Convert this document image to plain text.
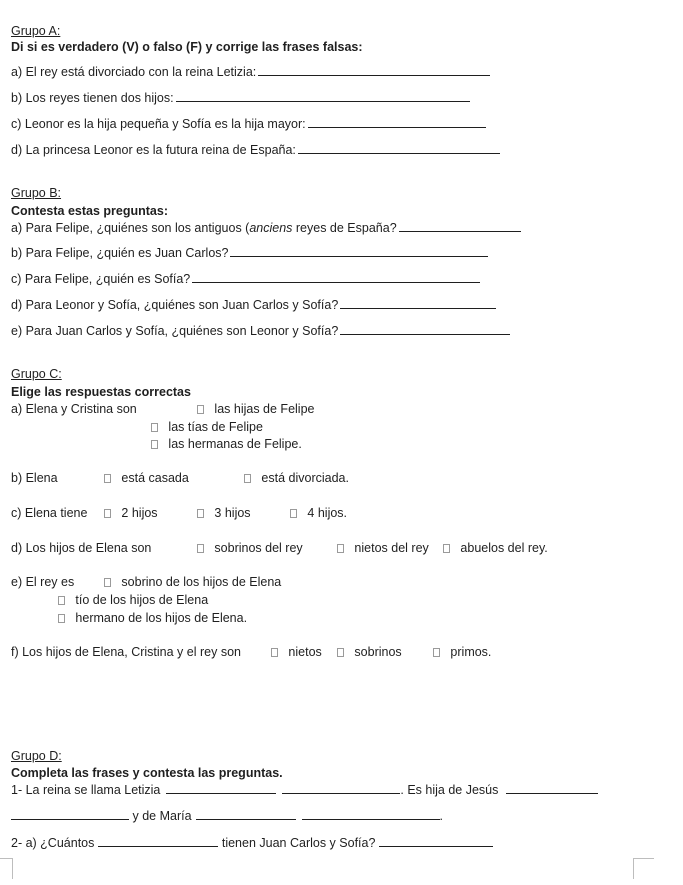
Grupo A:
Di si es verdadero (V) o falso (F) y corrige las frases falsas:
a) El rey está divorciado con la reina Letizia:
b) Los reyes tienen dos hijos:
c) Leonor es la hija pequeña y Sofía es la hija mayor:
d) La princesa Leonor es la futura reina de España:
Grupo B:
Contesta estas preguntas:
a) Para Felipe, ¿quiénes son los antiguos (anciens reyes de España?
b) Para Felipe, ¿quién es Juan Carlos?
c) Para Felipe, ¿quién es Sofía?
d) Para Leonor y Sofía, ¿quiénes son Juan Carlos y Sofía?
e) Para Juan Carlos y Sofía, ¿quiénes son Leonor y Sofía?
Grupo C:
Elige las respuestas correctas
a) Elena y Cristina son	las hijas de Felipe
las tías de Felipe
las hermanas de Felipe.
b) Elena	está casada	está divorciada.
c) Elena tiene	2 hijos	3 hijos	4 hijos.
d) Los hijos de Elena son	sobrinos del rey	nietos del rey	abuelos del rey.
e) El rey es	sobrino de los hijos de Elena
tío de los hijos de Elena
hermano de los hijos de Elena.
f) Los hijos de Elena, Cristina y el rey son	nietos	sobrinos	primos.
Grupo D:
Completa las frases y contesta las preguntas.
1- La reina se llama Letizia	. Es hija de Jesús
y de María	.
2- a) ¿Cuántos	tienen Juan Carlos y Sofía?
